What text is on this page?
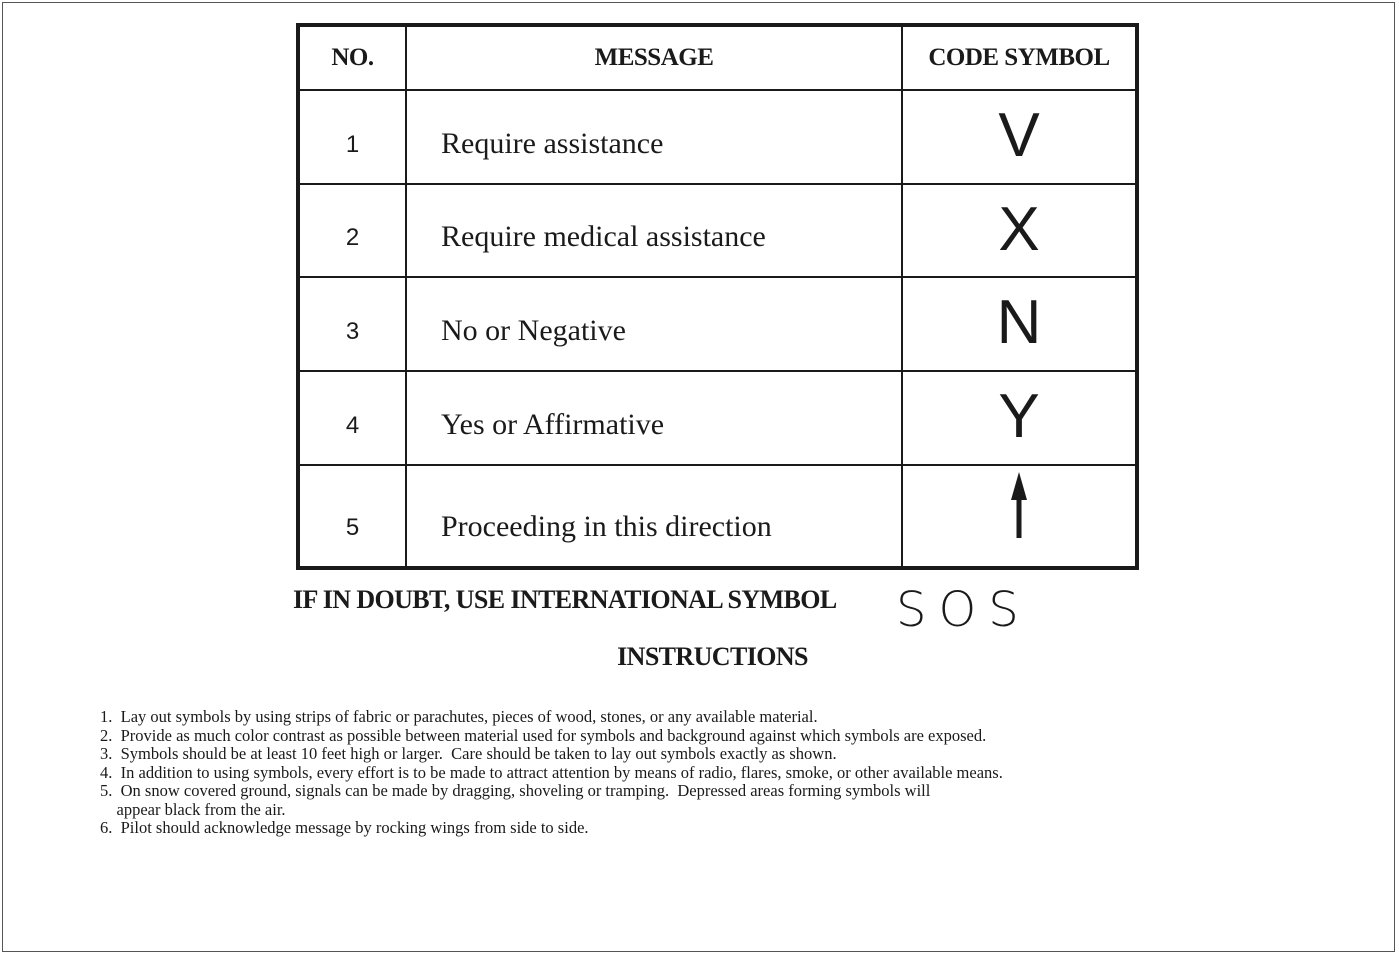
NO.	MESSAGE	CODE SYMBOL
1	Require assistance	V
2	Require medical assistance	X
3	No or Negative	N
4	Yes or Affirmative	Y
5	Proceeding in this direction	
IF IN DOUBT, USE INTERNATIONAL SYMBOL SOS
INSTRUCTIONS
1.  Lay out symbols by using strips of fabric or parachutes, pieces of wood, stones, or any available material.
2.  Provide as much color contrast as possible between material used for symbols and background against which symbols are exposed.
3.  Symbols should be at least 10 feet high or larger.  Care should be taken to lay out symbols exactly as shown.
4.  In addition to using symbols, every effort is to be made to attract attention by means of radio, flares, smoke, or other available means.
5.  On snow covered ground, signals can be made by dragging, shoveling or tramping.  Depressed areas forming symbols will
appear black from the air.
6.  Pilot should acknowledge message by rocking wings from side to side.
